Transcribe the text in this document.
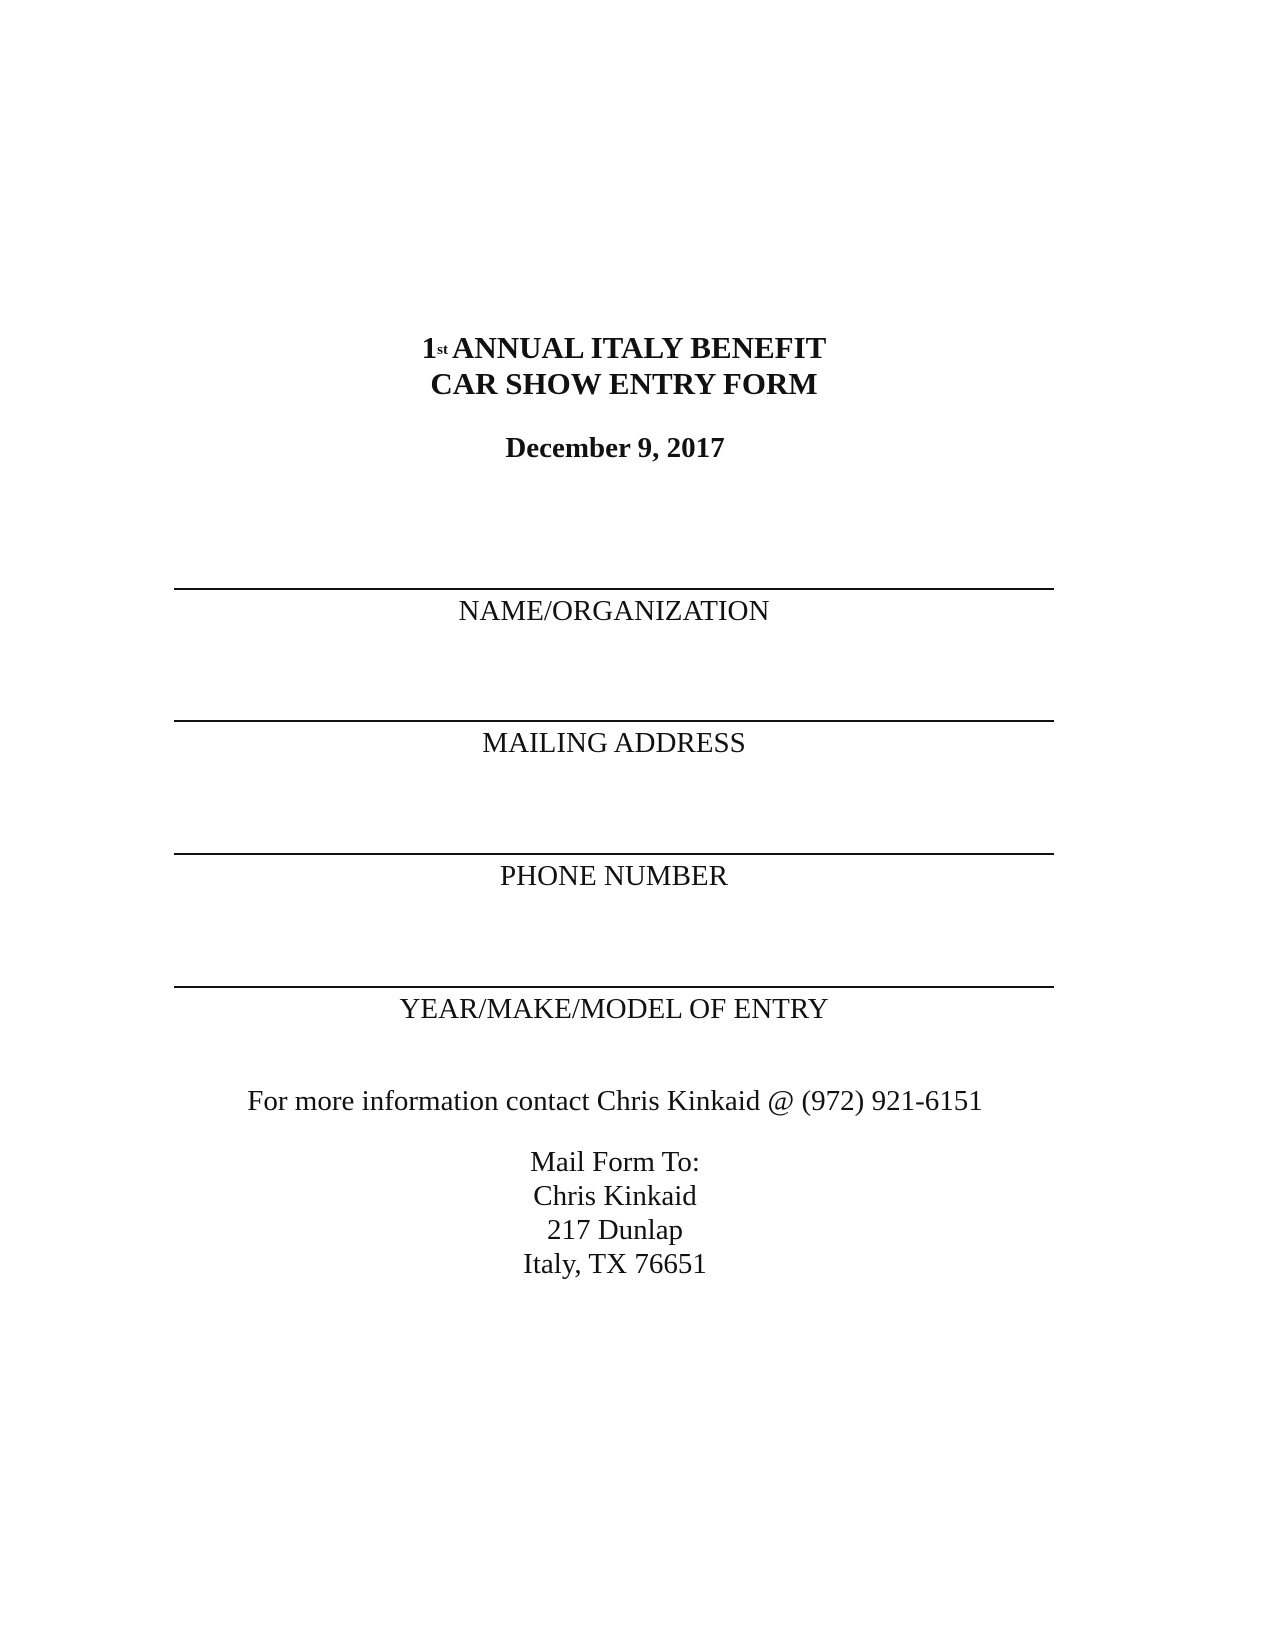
1st ANNUAL ITALY BENEFIT
CAR SHOW ENTRY FORM
December 9, 2017
NAME/ORGANIZATION
MAILING ADDRESS
PHONE NUMBER
YEAR/MAKE/MODEL OF ENTRY
For more information contact Chris Kinkaid @ (972) 921-6151
Mail Form To:
Chris Kinkaid
217 Dunlap
Italy, TX 76651
